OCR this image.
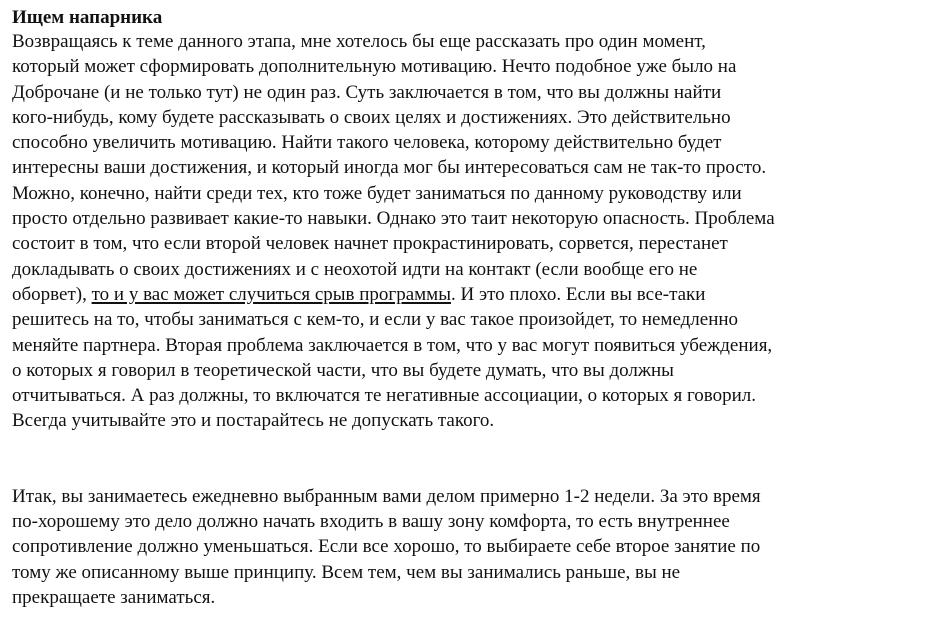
Ищем напарника
Возвращаясь к теме данного этапа, мне хотелось бы еще рассказать про один момент,
который может сформировать дополнительную мотивацию. Нечто подобное уже было на
Доброчане (и не только тут) не один раз. Суть заключается в том, что вы должны найти
кого-нибудь, кому будете рассказывать о своих целях и достижениях. Это действительно
способно увеличить мотивацию. Найти такого человека, которому действительно будет
интересны ваши достижения, и который иногда мог бы интересоваться сам не так-то просто.
Можно, конечно, найти среди тех, кто тоже будет заниматься по данному руководству или
просто отдельно развивает какие-то навыки. Однако это таит некоторую опасность. Проблема
состоит в том, что если второй человек начнет прокрастинировать, сорвется, перестанет
докладывать о своих достижениях и с неохотой идти на контакт (если вообще его не
оборвет), то и у вас может случиться срыв программы. И это плохо. Если вы все-таки
решитесь на то, чтобы заниматься с кем-то, и если у вас такое произойдет, то немедленно
меняйте партнера. Вторая проблема заключается в том, что у вас могут появиться убеждения,
о которых я говорил в теоретической части, что вы будете думать, что вы должны
отчитываться. А раз должны, то включатся те негативные ассоциации, о которых я говорил.
Всегда учитывайте это и постарайтесь не допускать такого.
Итак, вы занимаетесь ежедневно выбранным вами делом примерно 1-2 недели. За это время
по-хорошему это дело должно начать входить в вашу зону комфорта, то есть внутреннее
сопротивление должно уменьшаться. Если все хорошо, то выбираете себе второе занятие по
тому же описанному выше принципу. Всем тем, чем вы занимались раньше, вы не
прекращаете заниматься.
